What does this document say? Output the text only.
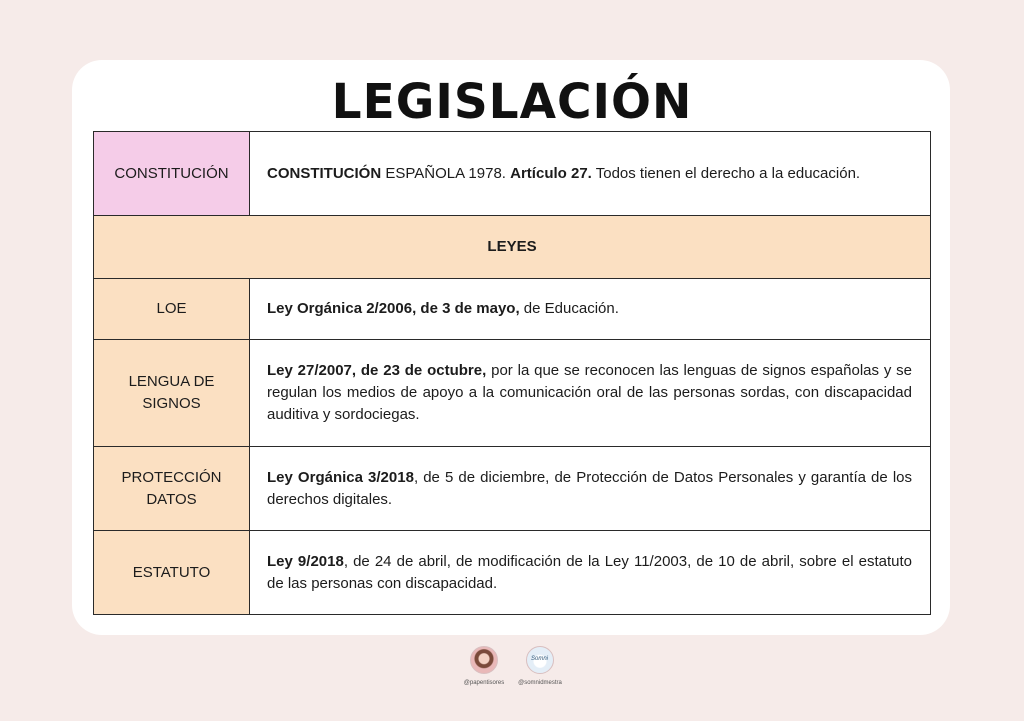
LEGISLACIÓN
CONSTITUCIÓN	CONSTITUCIÓN ESPAÑOLA 1978. Artículo 27. Todos tienen el derecho a la educación.
LEYES	
LOE	Ley Orgánica 2/2006, de 3 de mayo, de Educación.
LENGUA DE SIGNOS	Ley 27/2007, de 23 de octubre, por la que se reconocen las lenguas de signos españolas y se regulan los medios de apoyo a la comunicación oral de las personas sordas, con discapacidad auditiva y sordociegas.
PROTECCIÓN DATOS	Ley Orgánica 3/2018, de 5 de diciembre, de Protección de Datos Personales y garantía de los derechos digitales.
ESTATUTO	Ley 9/2018, de 24 de abril, de modificación de la Ley 11/2003, de 10 de abril, sobre el estatuto de las personas con discapacidad.
Somni
@papentisores	@somnidmestra
